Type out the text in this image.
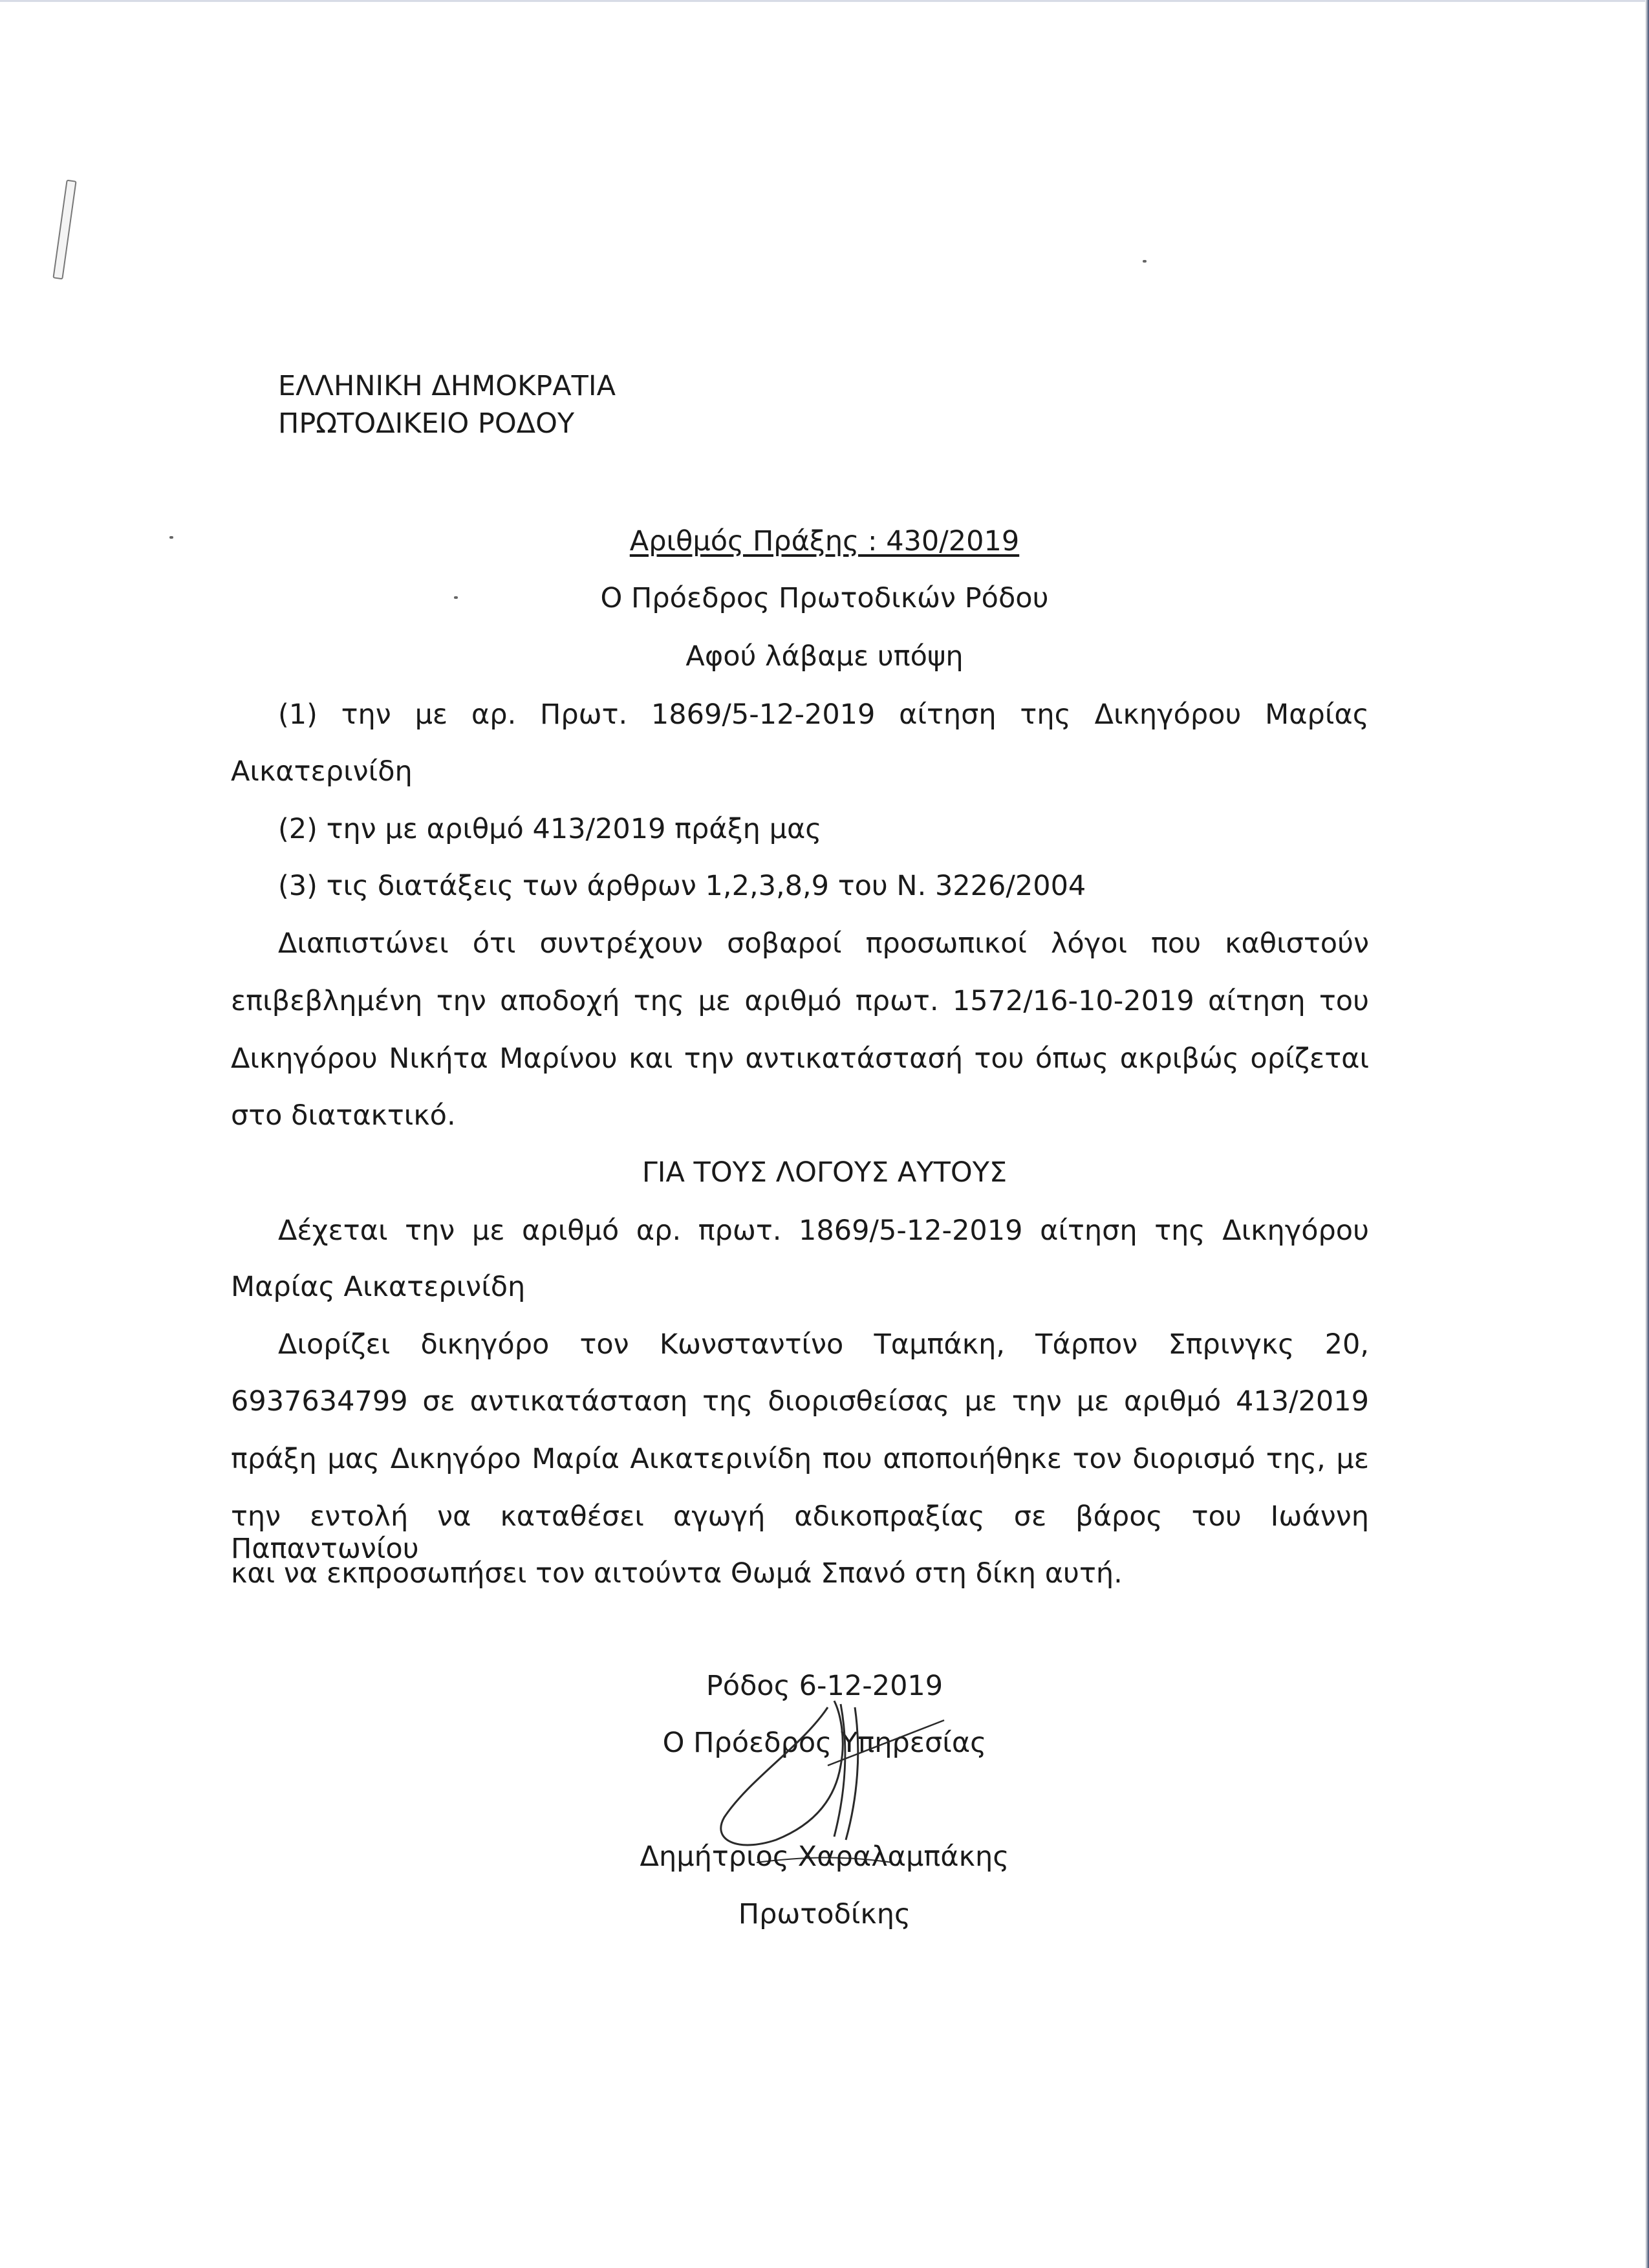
ΕΛΛΗΝΙΚΗ ΔΗΜΟΚΡΑΤΙΑ
ΠΡΩΤΟΔΙΚΕΙΟ ΡΟΔΟΥ
Αριθμός Πράξης : 430/2019
Ο Πρόεδρος Πρωτοδικών Ρόδου
Αφού λάβαμε υπόψη
(1) την με αρ. Πρωτ. 1869/5-12-2019 αίτηση της Δικηγόρου Μαρίας
Αικατερινίδη
(2) την με αριθμό 413/2019 πράξη μας
(3) τις διατάξεις των άρθρων 1,2,3,8,9 του Ν. 3226/2004
Διαπιστώνει ότι συντρέχουν σοβαροί προσωπικοί λόγοι που καθιστούν
επιβεβλημένη την αποδοχή της με αριθμό πρωτ. 1572/16-10-2019 αίτηση του
Δικηγόρου Νικήτα Μαρίνου και την αντικατάστασή του όπως ακριβώς ορίζεται
στο διατακτικό.
ΓΙΑ ΤΟΥΣ ΛΟΓΟΥΣ ΑΥΤΟΥΣ
Δέχεται την με αριθμό αρ. πρωτ. 1869/5-12-2019 αίτηση της Δικηγόρου
Μαρίας Αικατερινίδη
Διορίζει δικηγόρο τον Κωνσταντίνο Ταμπάκη, Τάρπον Σπρινγκς 20,
6937634799 σε αντικατάσταση της διορισθείσας με την με αριθμό 413/2019
πράξη μας Δικηγόρο Μαρία Αικατερινίδη που αποποιήθηκε τον διορισμό της, με
την εντολή να καταθέσει αγωγή αδικοπραξίας σε βάρος του Ιωάννη Παπαντωνίου
και να εκπροσωπήσει τον αιτούντα Θωμά Σπανό στη δίκη αυτή.
Ρόδος 6-12-2019
Ο Πρόεδρος Υπηρεσίας
Δημήτριος Χαραλαμπάκης
Πρωτοδίκης
